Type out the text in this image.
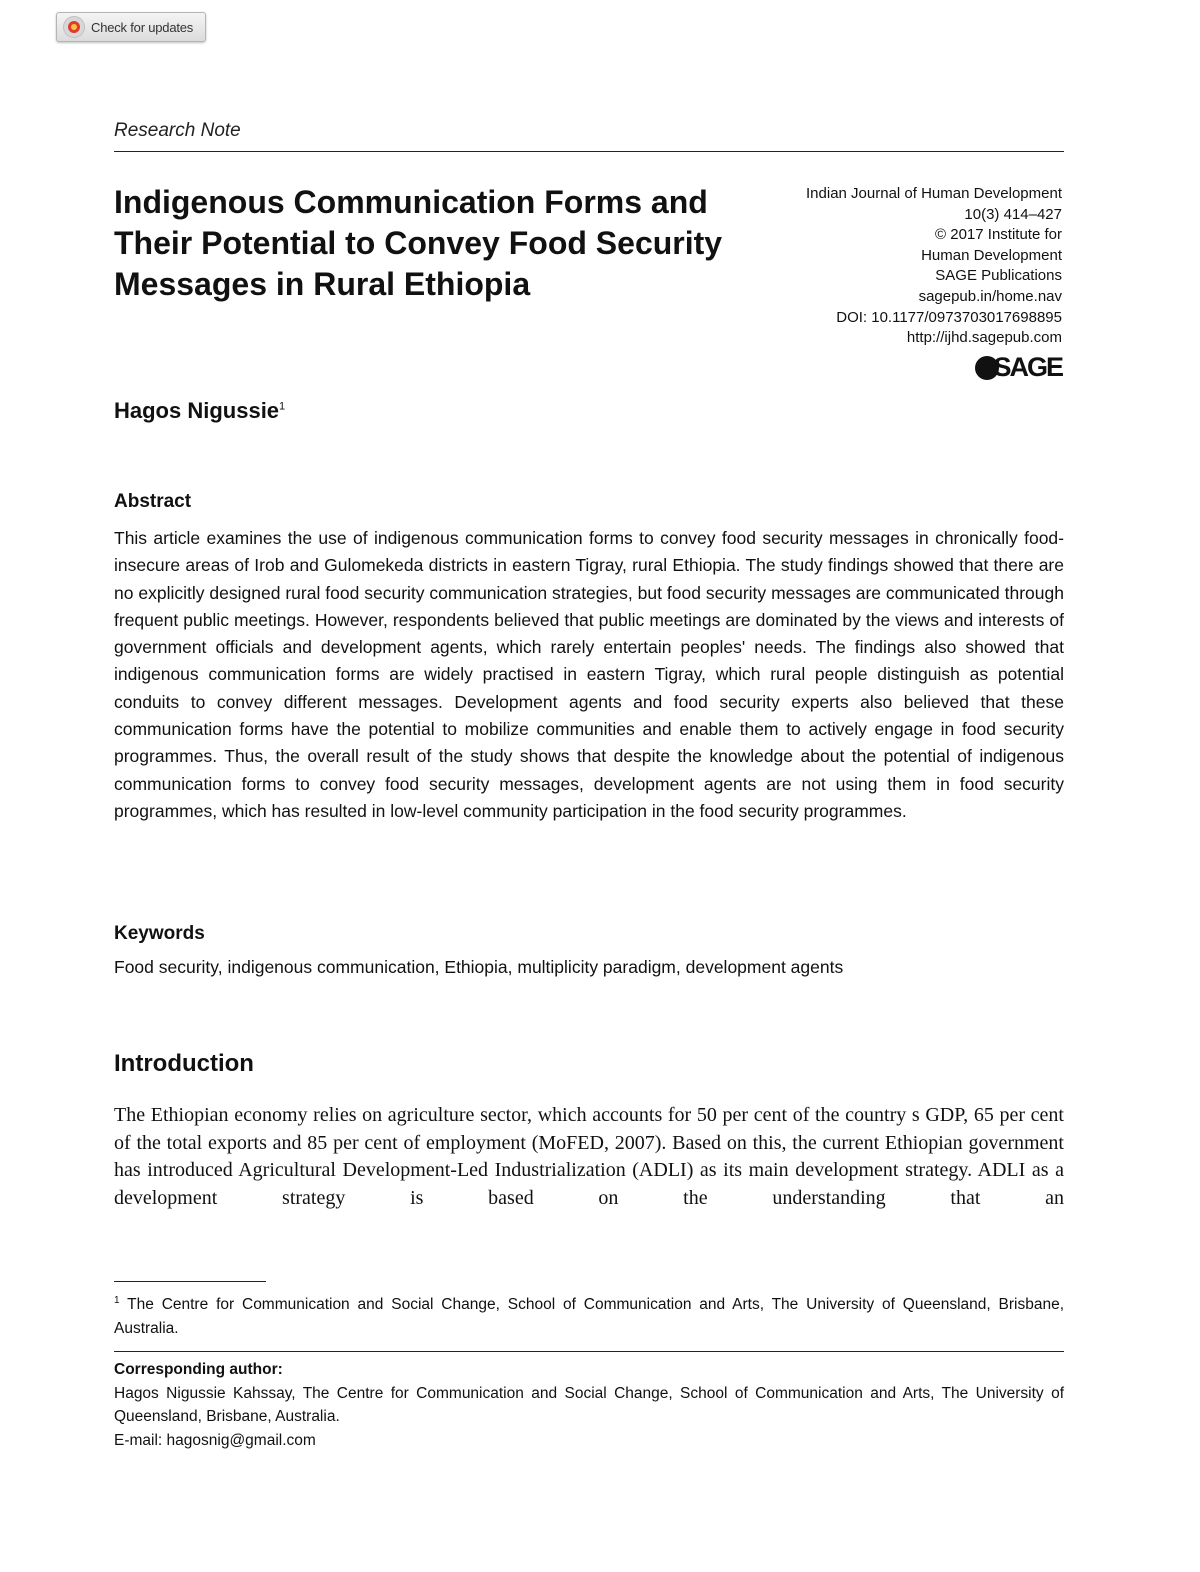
Check for updates
Research Note
Indigenous Communication Forms and Their Potential to Convey Food Security Messages in Rural Ethiopia
Indian Journal of Human Development
10(3) 414–427
© 2017 Institute for
Human Development
SAGE Publications
sagepub.in/home.nav
DOI: 10.1177/0973703017698895
http://ijhd.sagepub.com
SAGE
Hagos Nigussie$^1$
Abstract
This article examines the use of indigenous communication forms to convey food security messages in chronically food-insecure areas of Irob and Gulomekeda districts in eastern Tigray, rural Ethiopia. The study findings showed that there are no explicitly designed rural food security communication strategies, but food security messages are communicated through frequent public meetings. However, respondents believed that public meetings are dominated by the views and interests of government officials and development agents, which rarely entertain peoples' needs. The findings also showed that indigenous communication forms are widely practised in eastern Tigray, which rural people distinguish as potential conduits to convey different messages. Development agents and food security experts also believed that these communication forms have the potential to mobilize communities and enable them to actively engage in food security programmes. Thus, the overall result of the study shows that despite the knowledge about the potential of indigenous communication forms to convey food security messages, development agents are not using them in food security programmes, which has resulted in low-level community participation in the food security programmes.
Keywords
Food security, indigenous communication, Ethiopia, multiplicity paradigm, development agents
Introduction
The Ethiopian economy relies on agriculture sector, which accounts for 50 per cent of the country s GDP, 65 per cent of the total exports and 85 per cent of employment (MoFED, 2007). Based on this, the current Ethiopian government has introduced Agricultural Development-Led Industrialization (ADLI) as its main development strategy. ADLI as a development strategy is based on the understanding that an
$^1$ The Centre for Communication and Social Change, School of Communication and Arts, The University of Queensland, Brisbane, Australia.
Corresponding author:
Hagos Nigussie Kahssay, The Centre for Communication and Social Change, School of Communication and Arts, The University of Queensland, Brisbane, Australia.
E-mail: hagosnig@gmail.com
